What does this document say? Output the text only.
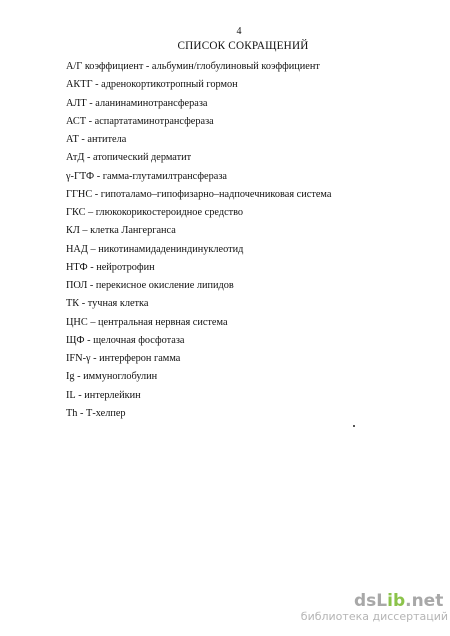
4
СПИСОК СОКРАЩЕНИЙ
А/Г коэффициент - альбумин/глобулиновый коэффициент
АКТГ - адренокортикотропный гормон
АЛТ - аланинаминотрансфераза
АСТ - аспартатаминотрансфераза
АТ - антитела
АтД - атопический дерматит
γ-ГТФ - гамма-глутамилтрансфераза
ГГНС - гипоталамо–гипофизарно–надпочечниковая система
ГКС – глюкокорикостероидное средство
КЛ – клетка Лангерганса
НАД – никотинамидадениндинуклеотид
НТФ - нейротрофин
ПОЛ - перекисное окисление липидов
ТК - тучная клетка
ЦНС – центральная нервная система
ЩФ - щелочная фосфотаза
IFN-γ - интерферон гамма
Ig - иммуноглобулин
IL - интерлейкин
Th - Т-хелпер
dsLib.net
библиотека диссертаций
